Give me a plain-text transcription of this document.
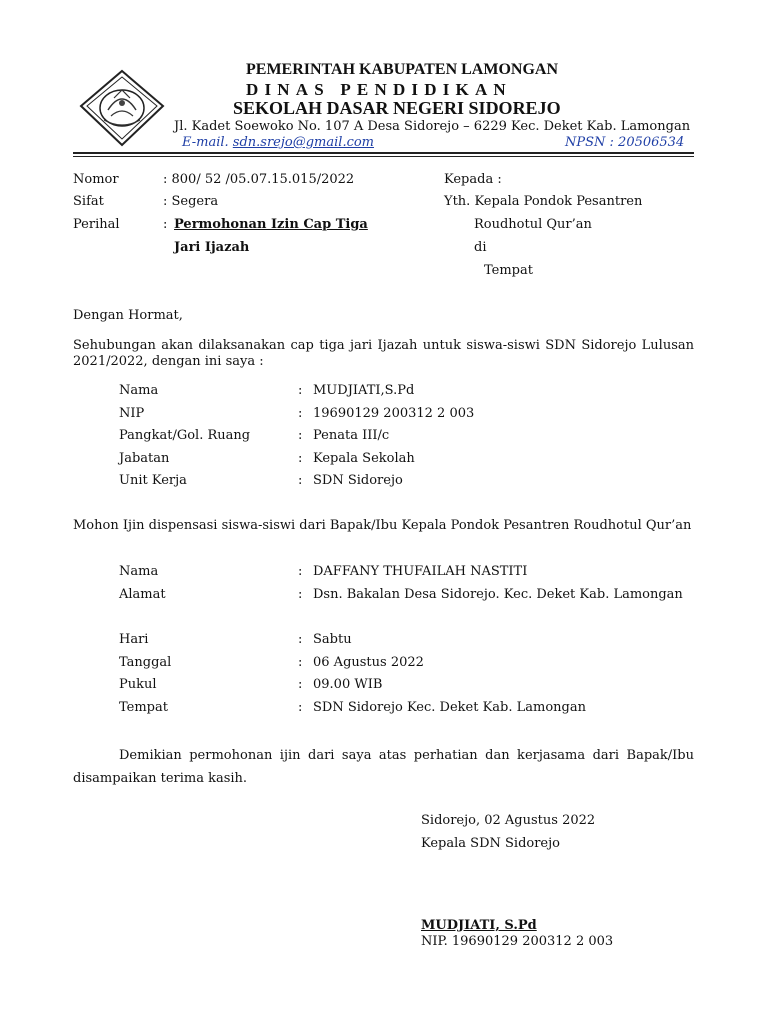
PEMERINTAH KABUPATEN LAMONGAN
DINAS PENDIDIKAN
SEKOLAH DASAR NEGERI SIDOREJO
Jl. Kadet Soewoko No. 107 A Desa Sidorejo – 6229 Kec. Deket Kab. Lamongan
E-mail. sdn.srejo@gmail.com	NPSN : 20506534
Nomor	: 800/ 52 /05.07.15.015/2022
Sifat	: Segera
Perihal	: Permohonan Izin Cap Tiga
Jari Ijazah
Kepada :
Yth. Kepala Pondok Pesantren
Roudhotul Qur’an
di
Tempat
Dengan Hormat,
Sehubungan akan dilaksanakan cap tiga jari Ijazah untuk siswa-siswi SDN Sidorejo Lulusan 2021/2022, dengan ini saya :
Nama	: MUDJIATI,S.Pd
NIP	: 19690129 200312 2 003
Pangkat/Gol. Ruang	: Penata III/c
Jabatan	: Kepala Sekolah
Unit Kerja	: SDN Sidorejo
Mohon Ijin dispensasi siswa-siswi dari Bapak/Ibu Kepala Pondok Pesantren Roudhotul Qur’an
Nama	: DAFFANY THUFAILAH NASTITI
Alamat	: Dsn. Bakalan Desa Sidorejo. Kec. Deket Kab. Lamongan
Hari	: Sabtu
Tanggal	: 06 Agustus 2022
Pukul	: 09.00 WIB
Tempat	: SDN Sidorejo Kec. Deket Kab. Lamongan
Demikian permohonan ijin dari saya atas perhatian dan kerjasama dari Bapak/Ibu disampaikan terima kasih.
Sidorejo, 02 Agustus 2022
Kepala SDN Sidorejo
MUDJIATI, S.Pd
NIP. 19690129 200312 2 003
